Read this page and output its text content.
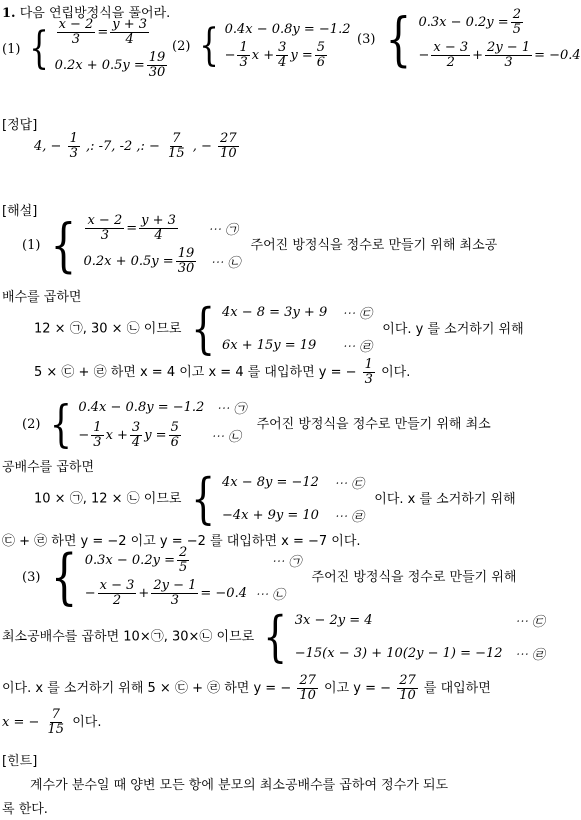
1. 다음 연립방정식을 풀어라.
(1) { $\frac{x - 2}{3} = \frac{y + 3}{4}$
$0.2x + 0.5y = \frac{19}{30}$
(2) { 0.4x − 0.8y = −1.2
− $\frac{1}{3}$ $x + \frac{3}{4}$ $y = \frac{5}{6}$
(3) { $0.3x - 0.2y = \frac{2}{5}$
− $\frac{x - 3}{2} + \frac{2y - 1}{3} = -0.4$
[정답]
4, − $\frac{1}{3}$ ,: -7, -2 ,: − $\frac{7}{15}$ , − $\frac{27}{10}$
[해설]
(1) { $\frac{x - 2}{3} = \frac{y + 3}{4}$ ⋯ ㉠
$0.2x + 0.5y = \frac{19}{30}$ ⋯ ㉡
주어진 방정식을 정수로 만들기 위해 최소공
배수를 곱하면
12 × ㉠, 30 × ㉡ 이므로 { 4x − 8 = 3y + 9	⋯ ㉢
6x + 15y = 19	⋯ ㉣
이다. y 를 소거하기 위해
5 × ㉢ + ㉣ 하면 x = 4 이고 x = 4 를 대입하면 y = − $\frac{1}{3}$ 이다.
(2) { 0.4x − 0.8y = −1.2 ⋯ ㉠
− $\frac{1}{3}$ $x + \frac{3}{4}$ $y = \frac{5}{6}$ ⋯ ㉡
주어진 방정식을 정수로 만들기 위해 최소
공배수를 곱하면
10 × ㉠, 12 × ㉡ 이므로 { 4x − 8y = −12	⋯ ㉢
−4x + 9y = 10	⋯ ㉣
이다. x 를 소거하기 위해
㉢ + ㉣ 하면 y = −2 이고 y = −2 를 대입하면 x = −7 이다.
(3) { $0.3x - 0.2y = \frac{2}{5}$	⋯ ㉠
− $\frac{x - 3}{2} + \frac{2y - 1}{3} = -0.4$ ⋯ ㉡
주어진 방정식을 정수로 만들기 위해
최소공배수를 곱하면 10×㉠, 30×㉡ 이므로 { 3x − 2y = 4	⋯ ㉢
−15(x − 3) + 10(2y − 1) = −12 ⋯ ㉣
이다. x 를 소거하기 위해 5 × ㉢ + ㉣ 하면 y = − $\frac{27}{10}$ 이고 y = − $\frac{27}{10}$ 를 대입하면
x = − $\frac{7}{15}$ 이다.
[힌트]
계수가 분수일 때 양변 모든 항에 분모의 최소공배수를 곱하여 정수가 되도
록 한다.
